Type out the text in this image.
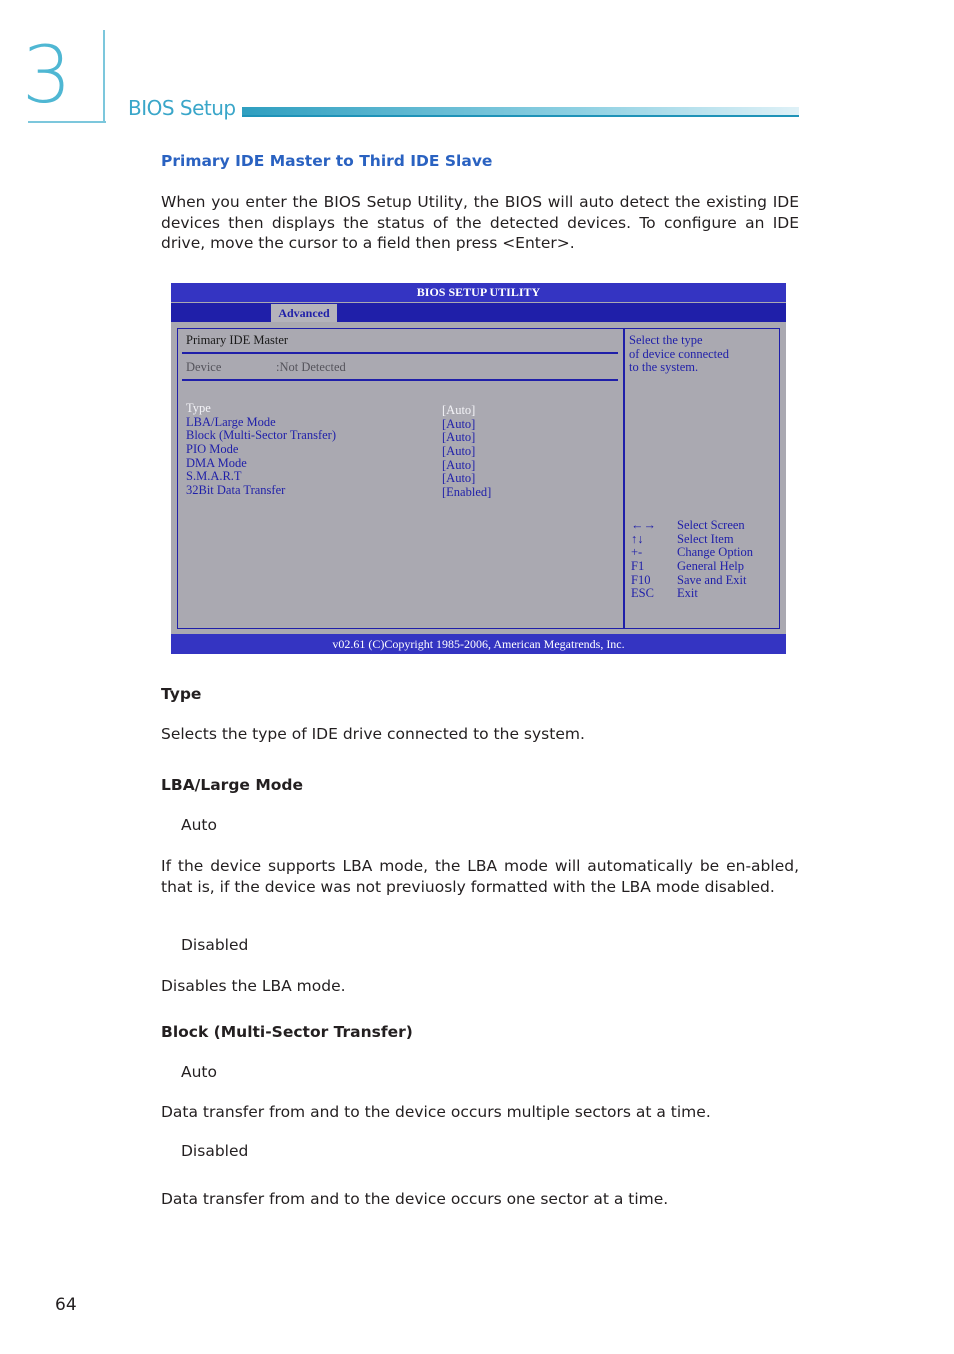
3	BIOS Setup
Primary IDE Master to Third IDE Slave
When you enter the BIOS Setup Utility, the BIOS will auto detect the existing IDE devices then displays the status of the detected devices. To configure an IDE drive, move the cursor to a field then press <Enter>.
BIOS SETUP UTILITY
Advanced
Primary IDE Master
Device	:Not Detected
Type	[Auto]
LBA/Large Mode	[Auto]
Block (Multi-Sector Transfer)	[Auto]
PIO Mode	[Auto]
DMA Mode	[Auto]
S.M.A.R.T	[Auto]
32Bit Data Transfer	[Enabled]
Select the type
of device connected
to the system.
←→ Select Screen
↑↓	Select Item
+-	Change Option
F1	General Help
F10 Save and Exit
ESC Exit
v02.61 (C)Copyright 1985-2006, American Megatrends, Inc.
Type
Selects the type of IDE drive connected to the system.
LBA/Large Mode
Auto
If the device supports LBA mode, the LBA mode will automatically be en-abled, that is, if the device was not previuosly formatted with the LBA mode disabled.
Disabled
Disables the LBA mode.
Block (Multi-Sector Transfer)
Auto
Data transfer from and to the device occurs multiple sectors at a time.
Disabled
Data transfer from and to the device occurs one sector at a time.
64
